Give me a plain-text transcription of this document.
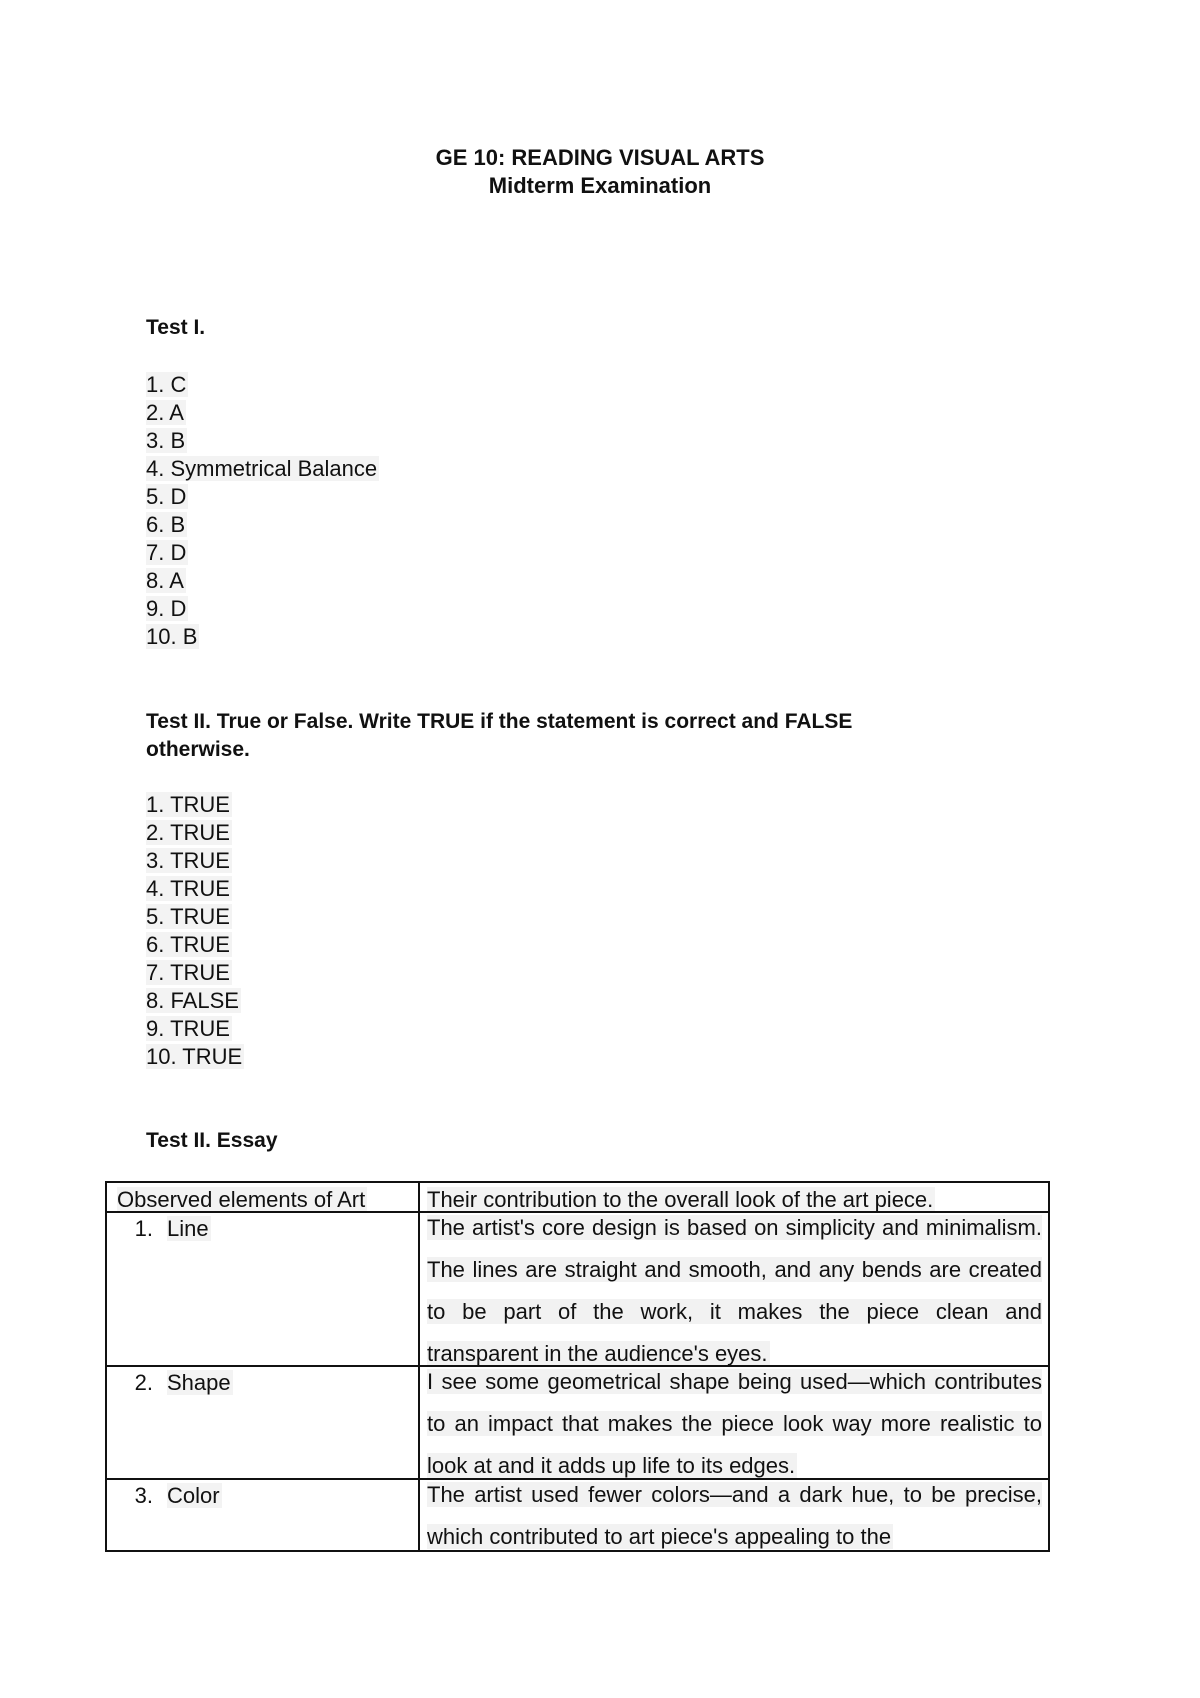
GE 10: READING VISUAL ARTS
Midterm Examination
Test I.
1. C
2. A
3. B
4. Symmetrical Balance
5. D
6. B
7. D
8. A
9. D
10. B
Test II. True or False. Write TRUE if the statement is correct and FALSE
otherwise.
1. TRUE
2. TRUE
3. TRUE
4. TRUE
5. TRUE
6. TRUE
7. TRUE
8. FALSE
9. TRUE
10. TRUE
Test II. Essay
Observed elements of Art	Their contribution to the overall look of the art piece.
1. Line	The artist's core design is based on simplicity and minimalism. The lines are straight and smooth, and any bends are created to be part of the work, it makes the piece clean and transparent in the audience's eyes.
2. Shape	I see some geometrical shape being used—which contributes to an impact that makes the piece look way more realistic to look at and it adds up life to its edges.
3. Color	The artist used fewer colors—and a dark hue, to be precise, which contributed to art piece's appealing to the
